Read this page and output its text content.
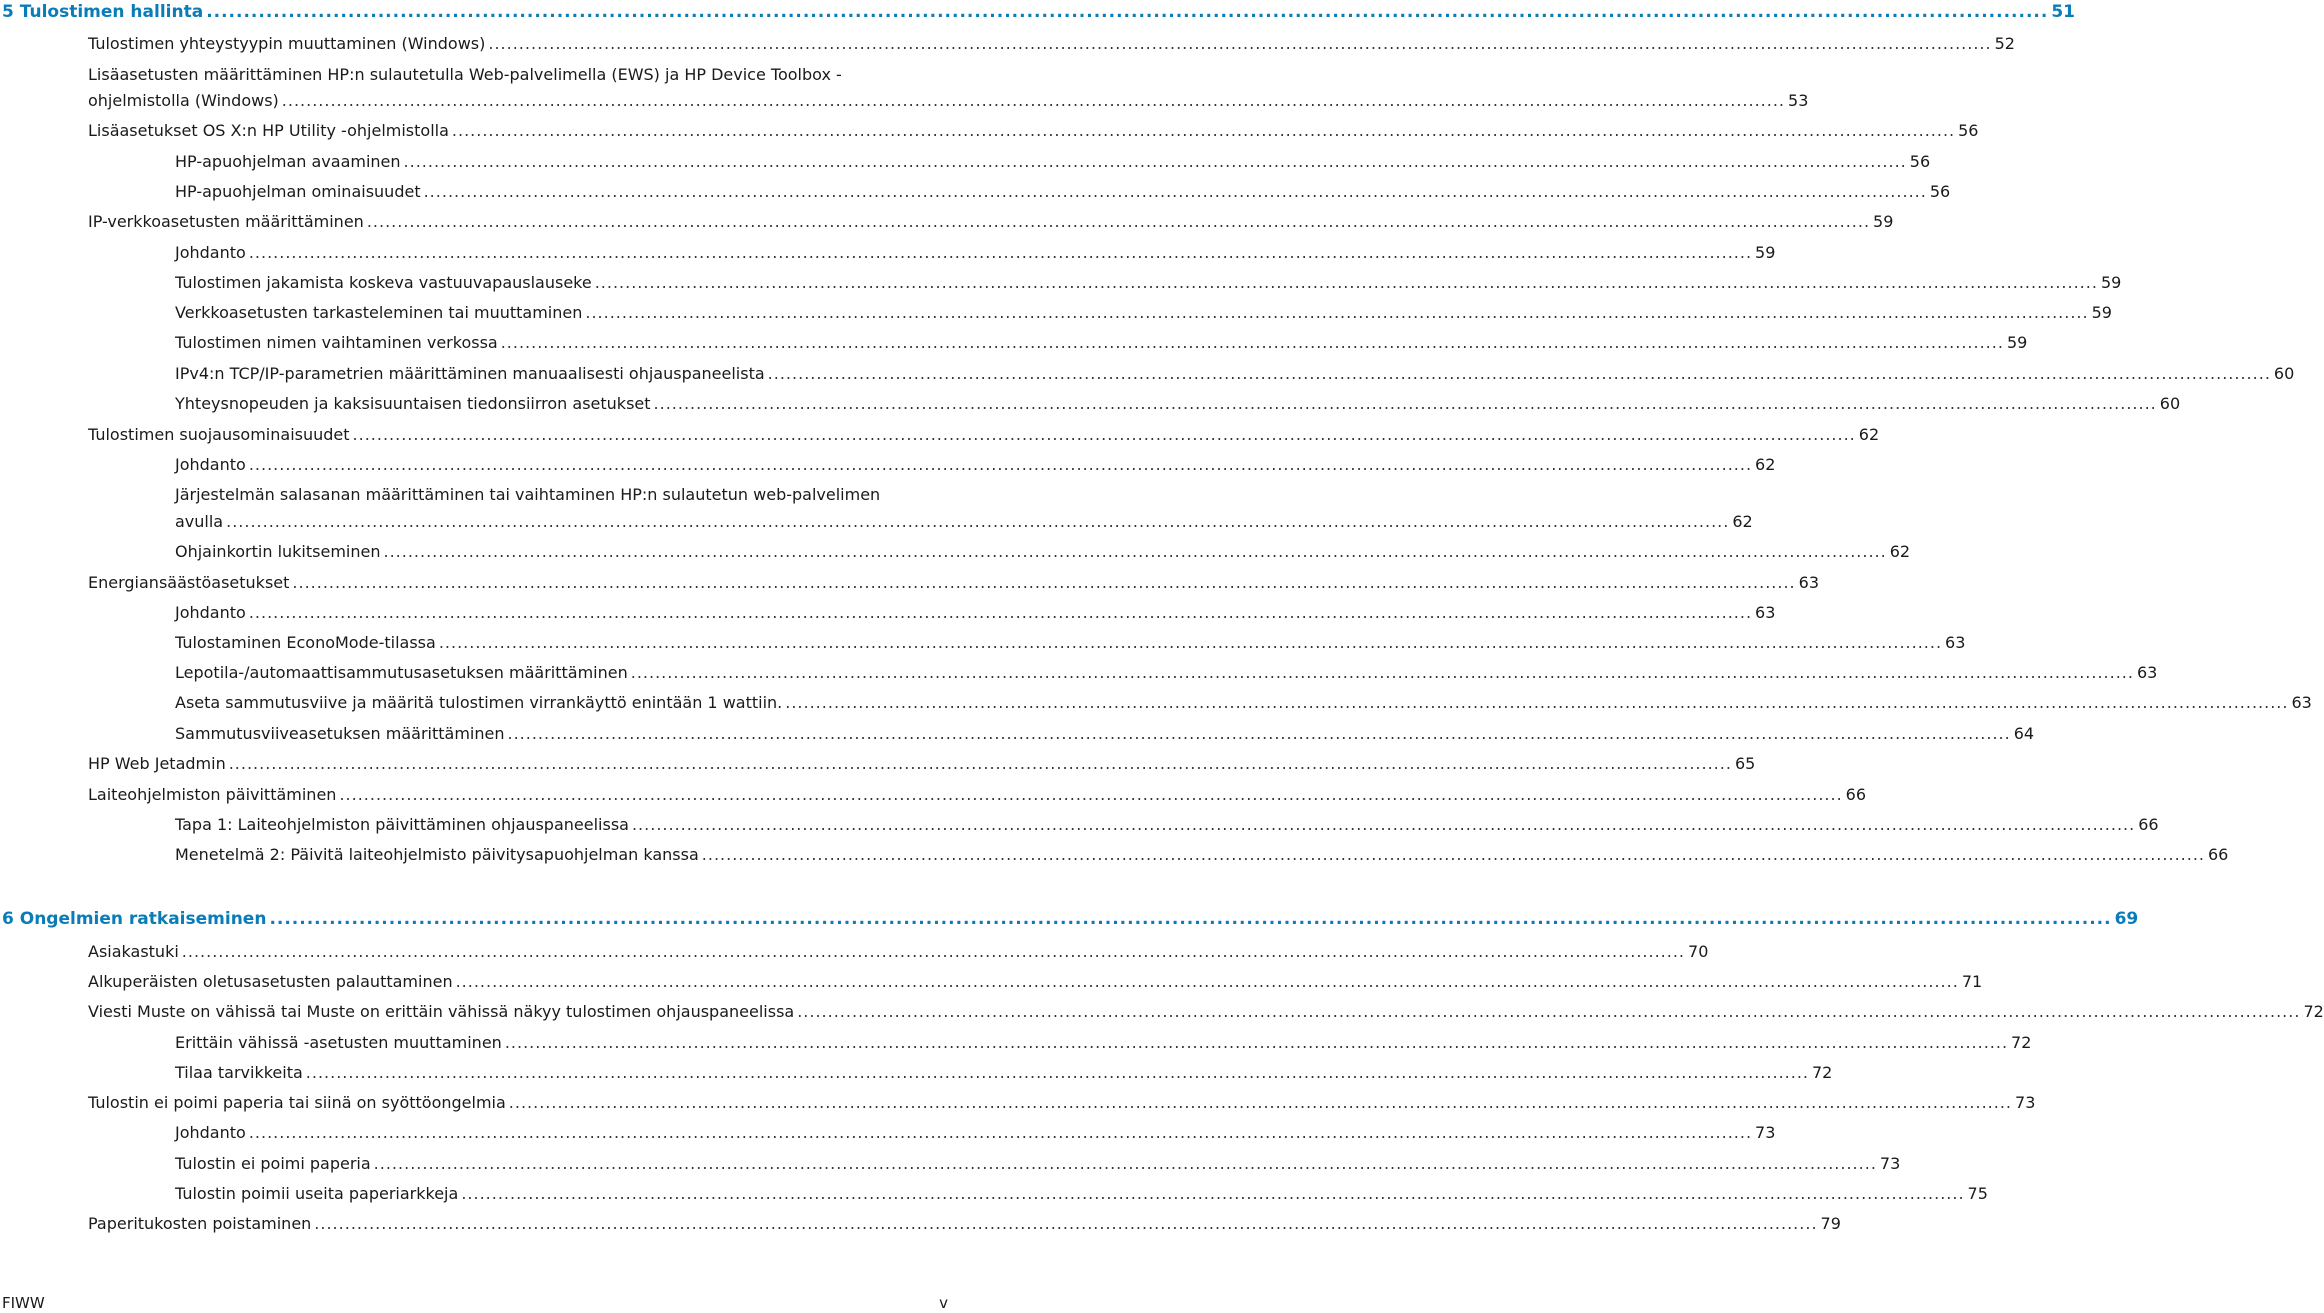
5 Tulostimen hallinta .....	51
Tulostimen yhteystyypin muuttaminen (Windows) .....	52
Lisäasetusten määrittäminen HP:n sulautetulla Web-palvelimella (EWS) ja HP Device Toolbox -
ohjelmistolla (Windows) .....	53
Lisäasetukset OS X:n HP Utility -ohjelmistolla .....	56
HP-apuohjelman avaaminen .....	56
HP-apuohjelman ominaisuudet .....	56
IP-verkkoasetusten määrittäminen .....	59
Johdanto .....	59
Tulostimen jakamista koskeva vastuuvapauslauseke .....	59
Verkkoasetusten tarkasteleminen tai muuttaminen .....	59
Tulostimen nimen vaihtaminen verkossa .....	59
IPv4:n TCP/IP-parametrien määrittäminen manuaalisesti ohjauspaneelista .....	60
Yhteysnopeuden ja kaksisuuntaisen tiedonsiirron asetukset .....	60
Tulostimen suojausominaisuudet .....	62
Johdanto .....	62
Järjestelmän salasanan määrittäminen tai vaihtaminen HP:n sulautetun web-palvelimen
avulla .....	62
Ohjainkortin lukitseminen .....	62
Energiansäästöasetukset .....	63
Johdanto .....	63
Tulostaminen EconoMode-tilassa .....	63
Lepotila-/automaattisammutusasetuksen määrittäminen .....	63
Aseta sammutusviive ja määritä tulostimen virrankäyttö enintään 1 wattiin. .....	63
Sammutusviiveasetuksen määrittäminen .....	64
HP Web Jetadmin .....	65
Laiteohjelmiston päivittäminen .....	66
Tapa 1: Laiteohjelmiston päivittäminen ohjauspaneelissa .....	66
Menetelmä 2: Päivitä laiteohjelmisto päivitysapuohjelman kanssa .....	66
6 Ongelmien ratkaiseminen .....	69
Asiakastuki .....	70
Alkuperäisten oletusasetusten palauttaminen .....	71
Viesti Muste on vähissä tai Muste on erittäin vähissä näkyy tulostimen ohjauspaneelissa .....	72
Erittäin vähissä -asetusten muuttaminen .....	72
Tilaa tarvikkeita .....	72
Tulostin ei poimi paperia tai siinä on syöttöongelmia .....	73
Johdanto .....	73
Tulostin ei poimi paperia .....	73
Tulostin poimii useita paperiarkkeja .....	75
Paperitukosten poistaminen .....	79
FIWW	v
